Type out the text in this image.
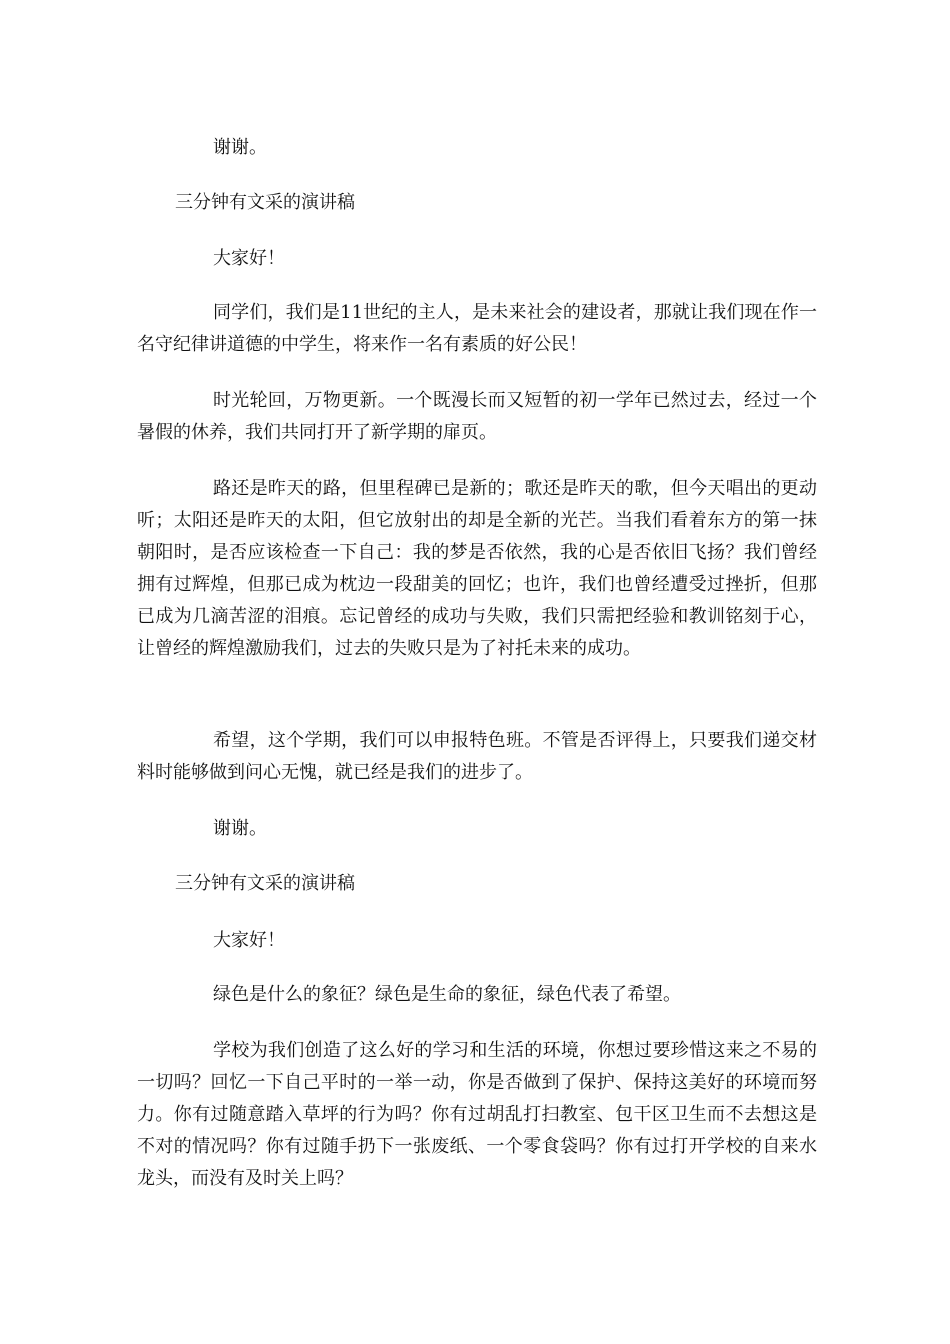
谢谢。

三分钟有文采的演讲稿

大家好！

同学们，我们是11世纪的主人，是未来社会的建设者，那就让我们现在作一名守纪律讲道德的中学生，将来作一名有素质的好公民！

时光轮回，万物更新。一个既漫长而又短暂的初一学年已然过去，经过一个暑假的休养，我们共同打开了新学期的扉页。

路还是昨天的路，但里程碑已是新的；歌还是昨天的歌，但今天唱出的更动听；太阳还是昨天的太阳，但它放射出的却是全新的光芒。当我们看着东方的第一抹朝阳时，是否应该检查一下自己：我的梦是否依然，我的心是否依旧飞扬？我们曾经拥有过辉煌，但那已成为枕边一段甜美的回忆；也许，我们也曾经遭受过挫折，但那已成为几滴苦涩的泪痕。忘记曾经的成功与失败，我们只需把经验和教训铭刻于心，让曾经的辉煌激励我们，过去的失败只是为了衬托未来的成功。

希望，这个学期，我们可以申报特色班。不管是否评得上，只要我们递交材料时能够做到问心无愧，就已经是我们的进步了。

谢谢。

三分钟有文采的演讲稿

大家好！

绿色是什么的象征？绿色是生命的象征，绿色代表了希望。

学校为我们创造了这么好的学习和生活的环境，你想过要珍惜这来之不易的一切吗？回忆一下自己平时的一举一动，你是否做到了保护、保持这美好的环境而努力。你有过随意踏入草坪的行为吗？你有过胡乱打扫教室、包干区卫生而不去想这是不对的情况吗？你有过随手扔下一张废纸、一个零食袋吗？你有过打开学校的自来水龙头，而没有及时关上吗？
